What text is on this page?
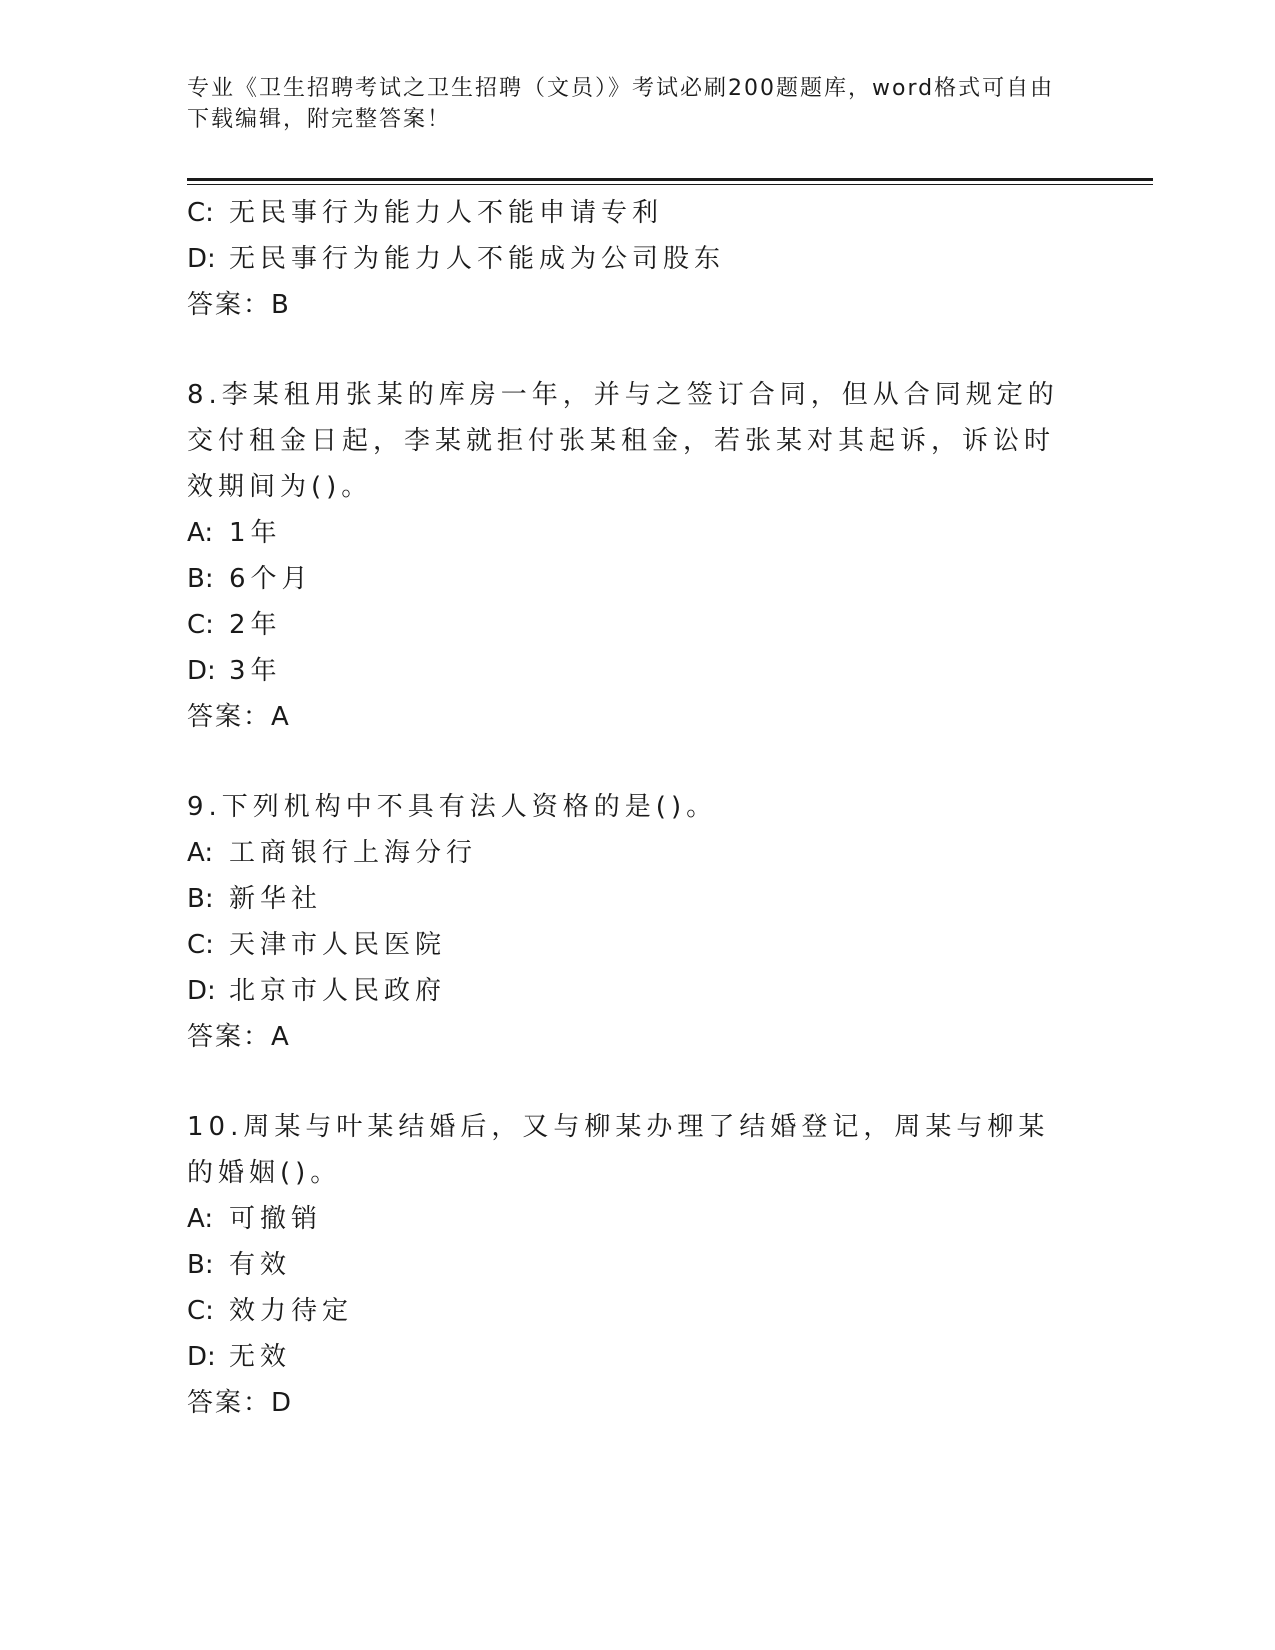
专业《卫生招聘考试之卫生招聘（文员）》考试必刷200题题库，word格式可自由下载编辑，附完整答案！
C: 无民事行为能力人不能申请专利
D: 无民事行为能力人不能成为公司股东
答案：B
8.李某租用张某的库房一年，并与之签订合同，但从合同规定的交付租金日起，李某就拒付张某租金，若张某对其起诉，诉讼时效期间为()。
A: 1年
B: 6个月
C: 2年
D: 3年
答案：A
9.下列机构中不具有法人资格的是()。
A: 工商银行上海分行
B: 新华社
C: 天津市人民医院
D: 北京市人民政府
答案：A
10.周某与叶某结婚后，又与柳某办理了结婚登记，周某与柳某的婚姻()。
A: 可撤销
B: 有效
C: 效力待定
D: 无效
答案：D
